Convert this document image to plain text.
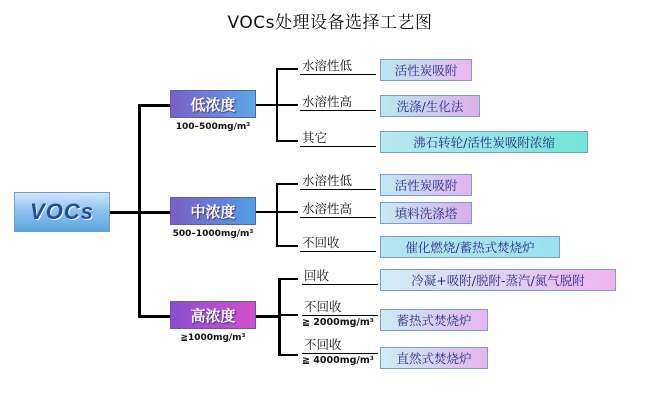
VOCs处理设备选择工艺图
VOCs
低浓度
100–500mg/m³
水溶性低	活性炭吸附
水溶性高	洗涤/生化法
其它	沸石转轮/活性炭吸附浓缩
中浓度
500–1000mg/m³
水溶性低	活性炭吸附
水溶性高	填料洗涤塔
不回收	催化燃烧/蓄热式焚烧炉
高浓度
≧1000mg/m³
回收	冷凝+吸附/脱附-蒸汽/氮气脱附
不回收
≧ 2000mg/m³	蓄热式焚烧炉
不回收
≧ 4000mg/m³	直然式焚烧炉
